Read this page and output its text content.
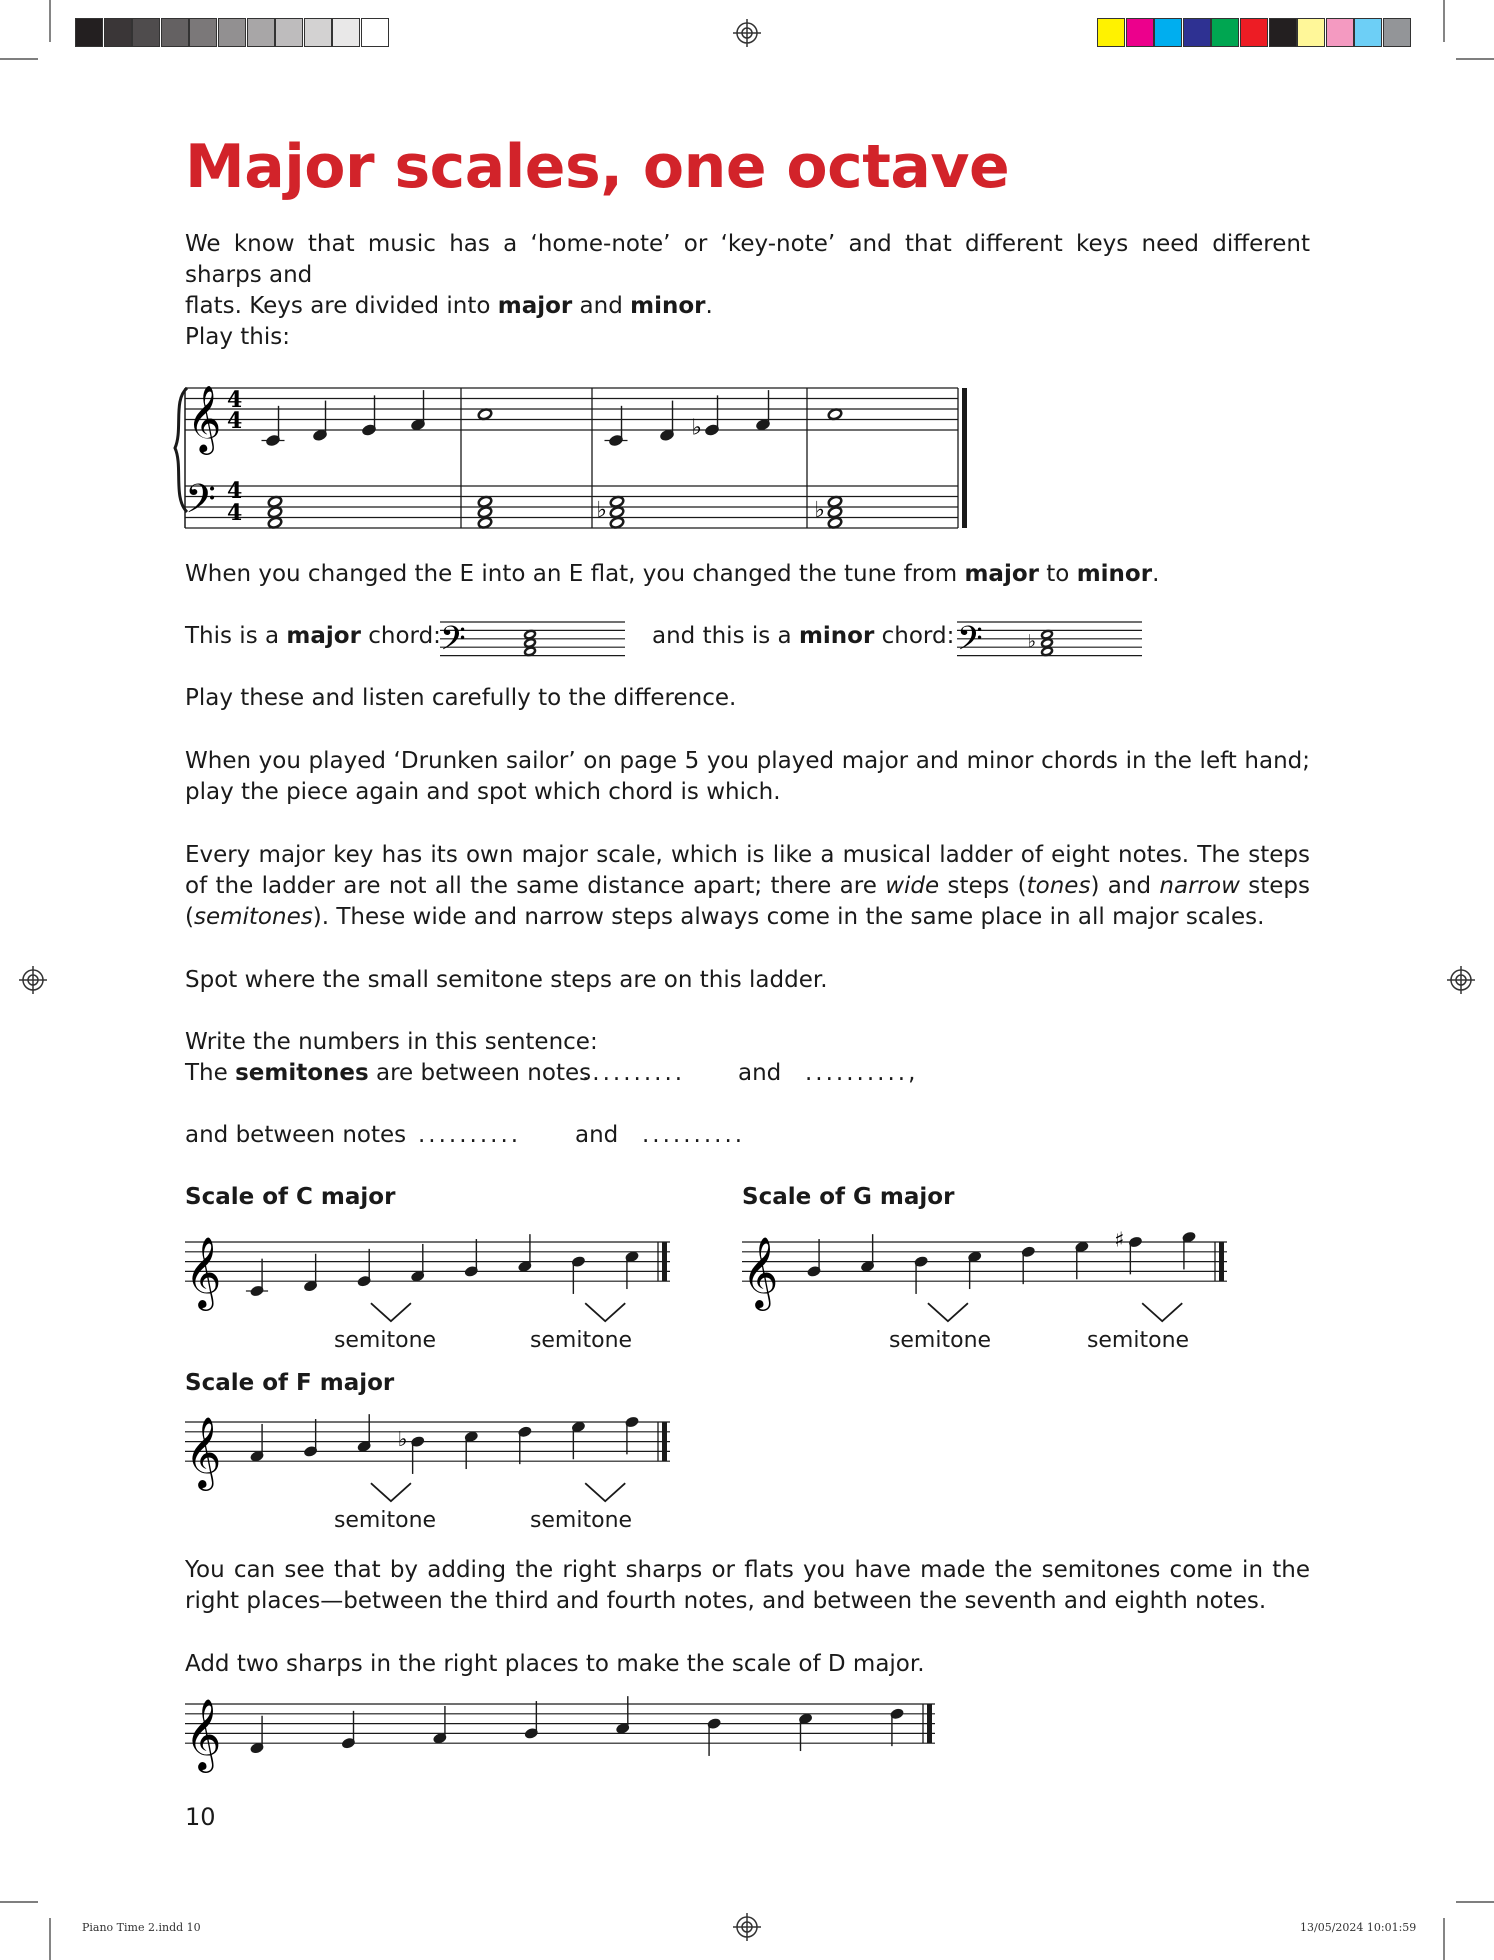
Major scales, one octave
We know that music has a ‘home-note’ or ‘key-note’ and that different keys need different sharps and
flats. Keys are divided into major and minor.
Play this:
𝄞
𝄢
4
4
4
4
♭
♭	♭
When you changed the E into an E flat, you changed the tune from major to minor.
This is a major chord: 𝄢	and this is a minor chord: 𝄢	♭
Play these and listen carefully to the difference.
When you played ‘Drunken sailor’ on page 5 you played major and minor chords in the left hand; play the piece again and spot which chord is which.
Every major key has its own major scale, which is like a musical ladder of eight notes. The steps of the ladder are not all the same distance apart; there are wide steps (tones) and narrow steps (semitones). These wide and narrow steps always come in the same place in all major scales.
Spot where the small semitone steps are on this ladder.
Write the numbers in this sentence:
The semitones are between notes
.......... and ..........,
and between notes .......... and ..........
Scale of C major
𝄞
semitone	semitone
Scale of G major
𝄞	♯
semitone	semitone
Scale of F major
𝄞	♭
semitone	semitone
You can see that by adding the right sharps or flats you have made the semitones come in the right places—between the third and fourth notes, and between the seventh and eighth notes.
Add two sharps in the right places to make the scale of D major.
𝄞
10
Piano Time 2.indd 10	13/05/2024 10:01:59
